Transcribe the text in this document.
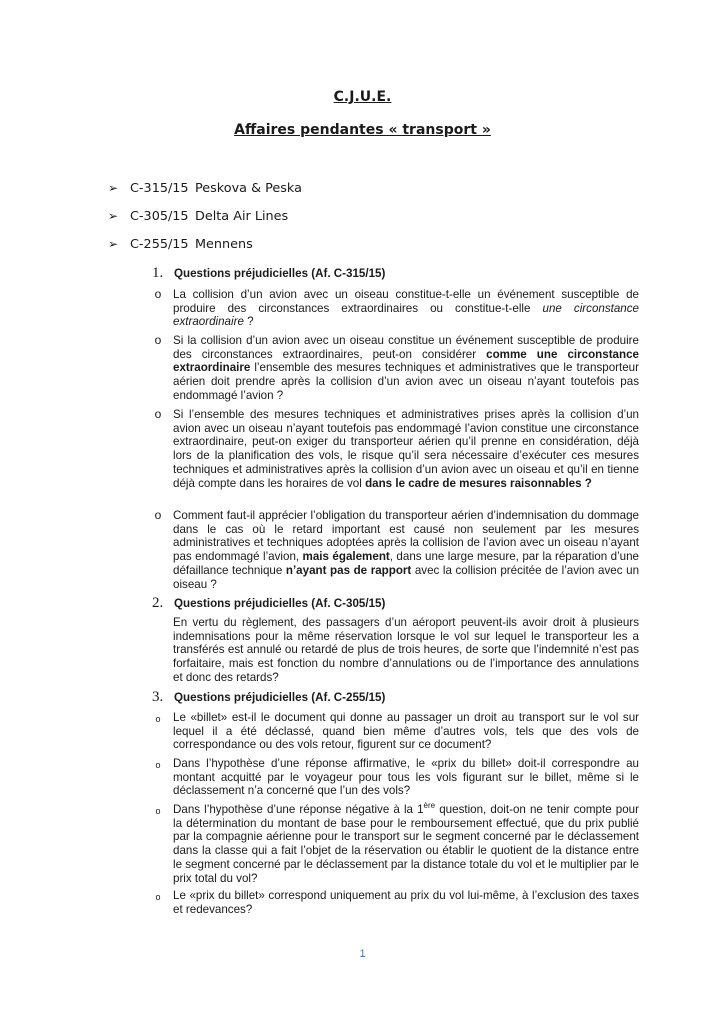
C.J.U.E.
Affaires pendantes « transport »
➢ C-315/15 Peskova & Peska
➢ C-305/15 Delta Air Lines
➢ C-255/15 Mennens
1. Questions préjudicielles (Af. C-315/15)
o	La collision d’un avion avec un oiseau constitue-t-elle un événement susceptible de produire des circonstances extraordinaires ou constitue-t-elle une circonstance extraordinaire ?
o	Si la collision d’un avion avec un oiseau constitue un événement susceptible de produire des circonstances extraordinaires, peut-on considérer comme une circonstance extraordinaire l’ensemble des mesures techniques et administratives que le transporteur aérien doit prendre après la collision d’un avion avec un oiseau n’ayant toutefois pas endommagé l’avion ?
o	Si l’ensemble des mesures techniques et administratives prises après la collision d’un avion avec un oiseau n’ayant toutefois pas endommagé l’avion constitue une circonstance extraordinaire, peut-on exiger du transporteur aérien qu’il prenne en considération, déjà lors de la planification des vols, le risque qu’il sera nécessaire d’exécuter ces mesures techniques et administratives après la collision d’un avion avec un oiseau et qu’il en tienne déjà compte dans les horaires de vol dans le cadre de mesures raisonnables ?
o	Comment faut-il apprécier l’obligation du transporteur aérien d’indemnisation du dommage dans le cas où le retard important est causé non seulement par les mesures administratives et techniques adoptées après la collision de l’avion avec un oiseau n’ayant pas endommagé l’avion, mais également, dans une large mesure, par la réparation d’une défaillance technique n’ayant pas de rapport avec la collision précitée de l’avion avec un oiseau ?
2. Questions préjudicielles (Af. C-305/15)
En vertu du règlement, des passagers d’un aéroport peuvent-ils avoir droit à plusieurs indemnisations pour la même réservation lorsque le vol sur lequel le transporteur les a transférés est annulé ou retardé de plus de trois heures, de sorte que l’indemnité n’est pas forfaitaire, mais est fonction du nombre d’annulations ou de l’importance des annulations et donc des retards?
3. Questions préjudicielles (Af. C-255/15)
o	Le «billet» est-il le document qui donne au passager un droit au transport sur le vol sur lequel il a été déclassé, quand bien même d’autres vols, tels que des vols de correspondance ou des vols retour, figurent sur ce document?
o	Dans l’hypothèse d’une réponse affirmative, le «prix du billet» doit-il correspondre au montant acquitté par le voyageur pour tous les vols figurant sur le billet, même si le déclassement n’a concerné que l’un des vols?
o	Dans l’hypothèse d’une réponse négative à la 1ère question, doit-on ne tenir compte pour la détermination du montant de base pour le remboursement effectué, que du prix publié par la compagnie aérienne pour le transport sur le segment concerné par le déclassement dans la classe qui a fait l’objet de la réservation ou établir le quotient de la distance entre le segment concerné par le déclassement par la distance totale du vol et le multiplier par le prix total du vol?
o	Le «prix du billet» correspond uniquement au prix du vol lui-même, à l’exclusion des taxes et redevances?
1
